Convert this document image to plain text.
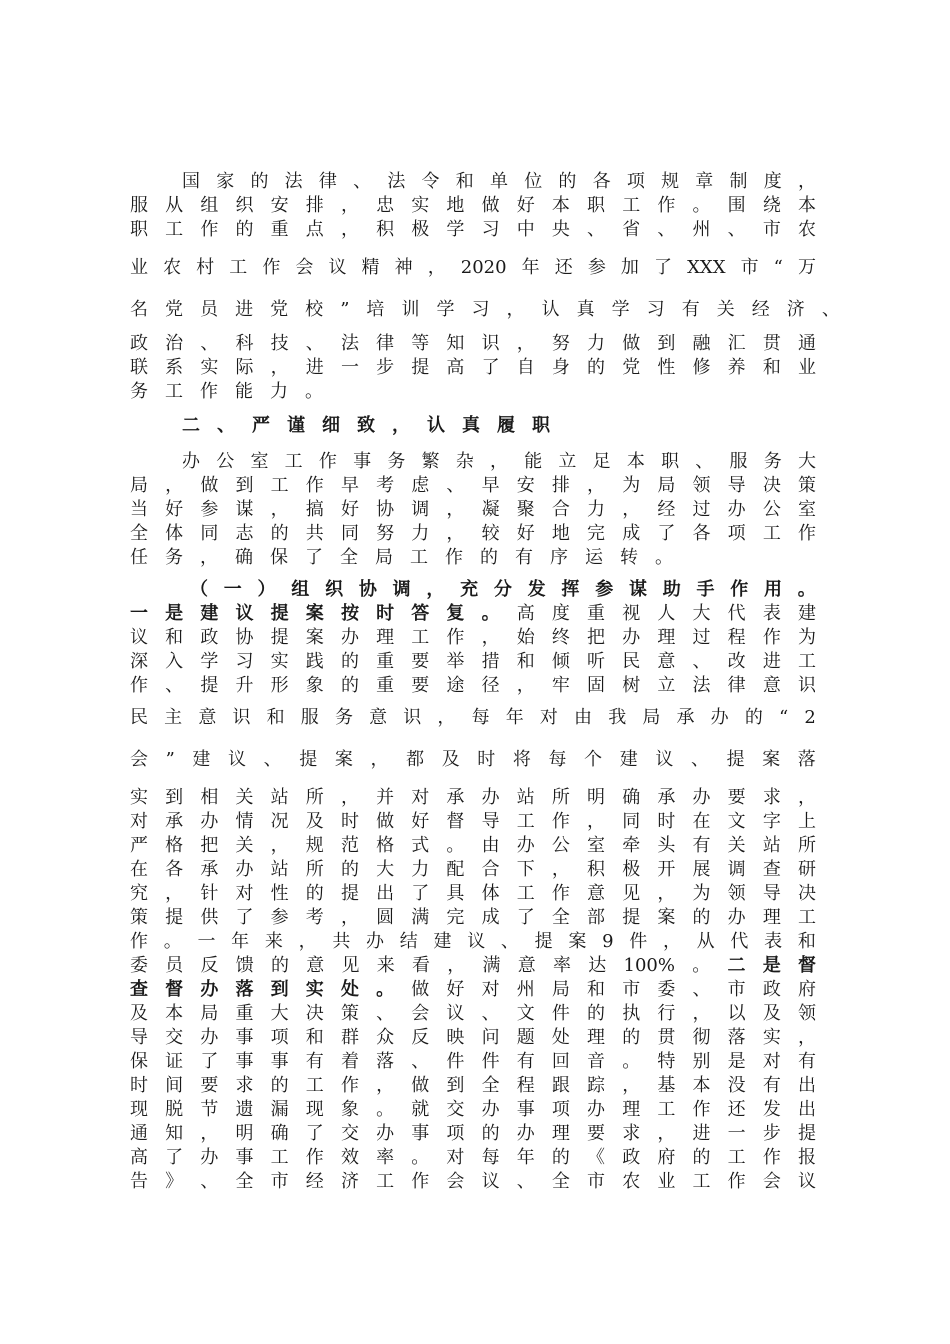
国 家 的 法 律 、 法 令 和 单 位 的 各 项 规 章 制 度 ，
服 从 组 织 安 排 ， 忠 实 地 做 好 本 职 工 作 。 围 绕 本
职 工 作 的 重 点 ， 积 极 学 习 中 央 、 省 、 州 、 市 农
业 农 村 工 作 会 议 精 神 ， 2020 年 还 参 加 了 XXX 市 “ 万
名 党 员 进 党 校 ” 培 训 学 习 ， 认 真 学 习 有 关 经 济 、
政 治 、 科 技 、 法 律 等 知 识 ， 努 力 做 到 融 汇 贯 通
联 系 实 际 ， 进 一 步 提 高 了 自 身 的 党 性 修 养 和 业
务 工 作 能 力 。
二 、 严 谨 细 致 ， 认 真 履 职
办 公 室 工 作 事 务 繁 杂 ， 能 立 足 本 职 、 服 务 大
局 ， 做 到 工 作 早 考 虑 、 早 安 排 ， 为 局 领 导 决 策
当 好 参 谋 ， 搞 好 协 调 ， 凝 聚 合 力 ， 经 过 办 公 室
全 体 同 志 的 共 同 努 力 ， 较 好 地 完 成 了 各 项 工 作
任 务 ， 确 保 了 全 局 工 作 的 有 序 运 转 。
（ 一 ） 组 织 协 调 ， 充 分 发 挥 参 谋 助 手 作 用 。
一 是 建 议 提 案 按 时 答 复 。 高 度 重 视 人 大 代 表 建
议 和 政 协 提 案 办 理 工 作 ， 始 终 把 办 理 过 程 作 为
深 入 学 习 实 践 的 重 要 举 措 和 倾 听 民 意 、 改 进 工
作 、 提 升 形 象 的 重 要 途 径 ， 牢 固 树 立 法 律 意 识
民 主 意 识 和 服 务 意 识 ， 每 年 对 由 我 局 承 办 的 “ 2
会 ” 建 议 、 提 案 ， 都 及 时 将 每 个 建 议 、 提 案 落
实 到 相 关 站 所 ， 并 对 承 办 站 所 明 确 承 办 要 求 ，
对 承 办 情 况 及 时 做 好 督 导 工 作 ， 同 时 在 文 字 上
严 格 把 关 ， 规 范 格 式 。 由 办 公 室 牵 头 有 关 站 所
在 各 承 办 站 所 的 大 力 配 合 下 ， 积 极 开 展 调 查 研
究 ， 针 对 性 的 提 出 了 具 体 工 作 意 见 ， 为 领 导 决
策 提 供 了 参 考 ， 圆 满 完 成 了 全 部 提 案 的 办 理 工
作 。 一 年 来 ， 共 办 结 建 议 、 提 案 9 件 ， 从 代 表 和
委 员 反 馈 的 意 见 来 看 ， 满 意 率 达 100% 。 二 是 督
查 督 办 落 到 实 处 。 做 好 对 州 局 和 市 委 、 市 政 府
及 本 局 重 大 决 策 、 会 议 、 文 件 的 执 行 ， 以 及 领
导 交 办 事 项 和 群 众 反 映 问 题 处 理 的 贯 彻 落 实 ，
保 证 了 事 事 有 着 落 、 件 件 有 回 音 。 特 别 是 对 有
时 间 要 求 的 工 作 ， 做 到 全 程 跟 踪 ， 基 本 没 有 出
现 脱 节 遗 漏 现 象 。 就 交 办 事 项 办 理 工 作 还 发 出
通 知 ， 明 确 了 交 办 事 项 的 办 理 要 求 ， 进 一 步 提
高 了 办 事 工 作 效 率 。 对 每 年 的 《 政 府 的 工 作 报
告 》 、 全 市 经 济 工 作 会 议 、 全 市 农 业 工 作 会 议
